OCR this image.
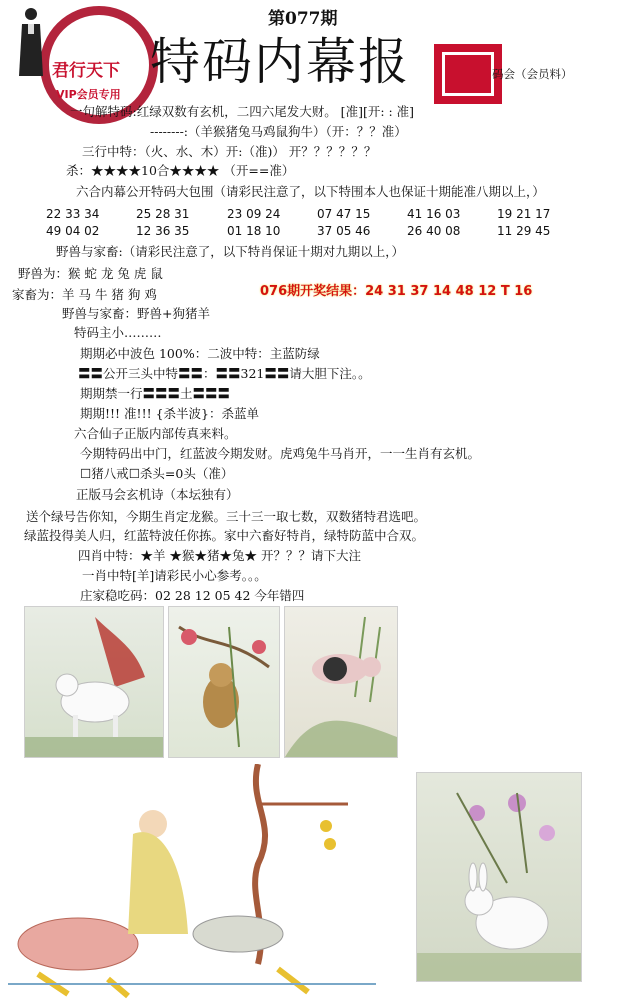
君行天下
VIP会员专用
第077期
特码内幕报	码会（会员料）
一句解特码:红绿双数有玄机，二四六尾发大财。 [准][开: : 准]
--------:（羊猴猪兔马鸡鼠狗牛）（开：？？准）
三行中特：（火、水、木）开:（准)） 开？？？？？？
杀：★★★★10合★★★★ （开==准）
六合内幕公开特码大包围（请彩民注意了，以下特围本人也保证十期能准八期以上，）
22 33 34	25 28 31	23 09 24	07 47 15	41 16 03	19 21 17
49 04 02	12 36 35	01 18 10	37 05 46	26 40 08	11 29 45
野兽与家畜:（请彩民注意了，以下特肖保证十期对九期以上，）
野兽为：猴 蛇 龙 兔 虎 鼠
家畜为：羊 马 牛 猪 狗 鸡	076期开奖结果：24 31 37 14 48 12 T 16
野兽与家畜：野兽+狗猪羊
特码主小………
期期必中波色 100%：二波中特：主蓝防绿
〓〓公开三头中特〓〓：〓〓321〓〓请大胆下注。。
期期禁一行〓〓〓土〓〓〓
期期!!! 准!!! {杀半波}：杀蓝单
六合仙子正版内部传真来料。
今期特码出中门，红蓝波今期发财。虎鸡兔牛马肖开，一一生肖有玄机。
☐猪八戒☐杀头=0头（准）
正版马会玄机诗（本坛独有）
送个绿号告你知，今期生肖定龙猴。三十三一取七数，双数猪特君选吧。
绿蓝投得美人归，红蓝特波任你拣。家中六畜好特肖，绿特防蓝中合双。
四肖中特：★羊 ★猴★猪★兔★ 开？？？请下大注
一肖中特[羊]请彩民小心参考。。。
庄家稳吃码：02 28 12 05 42 今年错四
